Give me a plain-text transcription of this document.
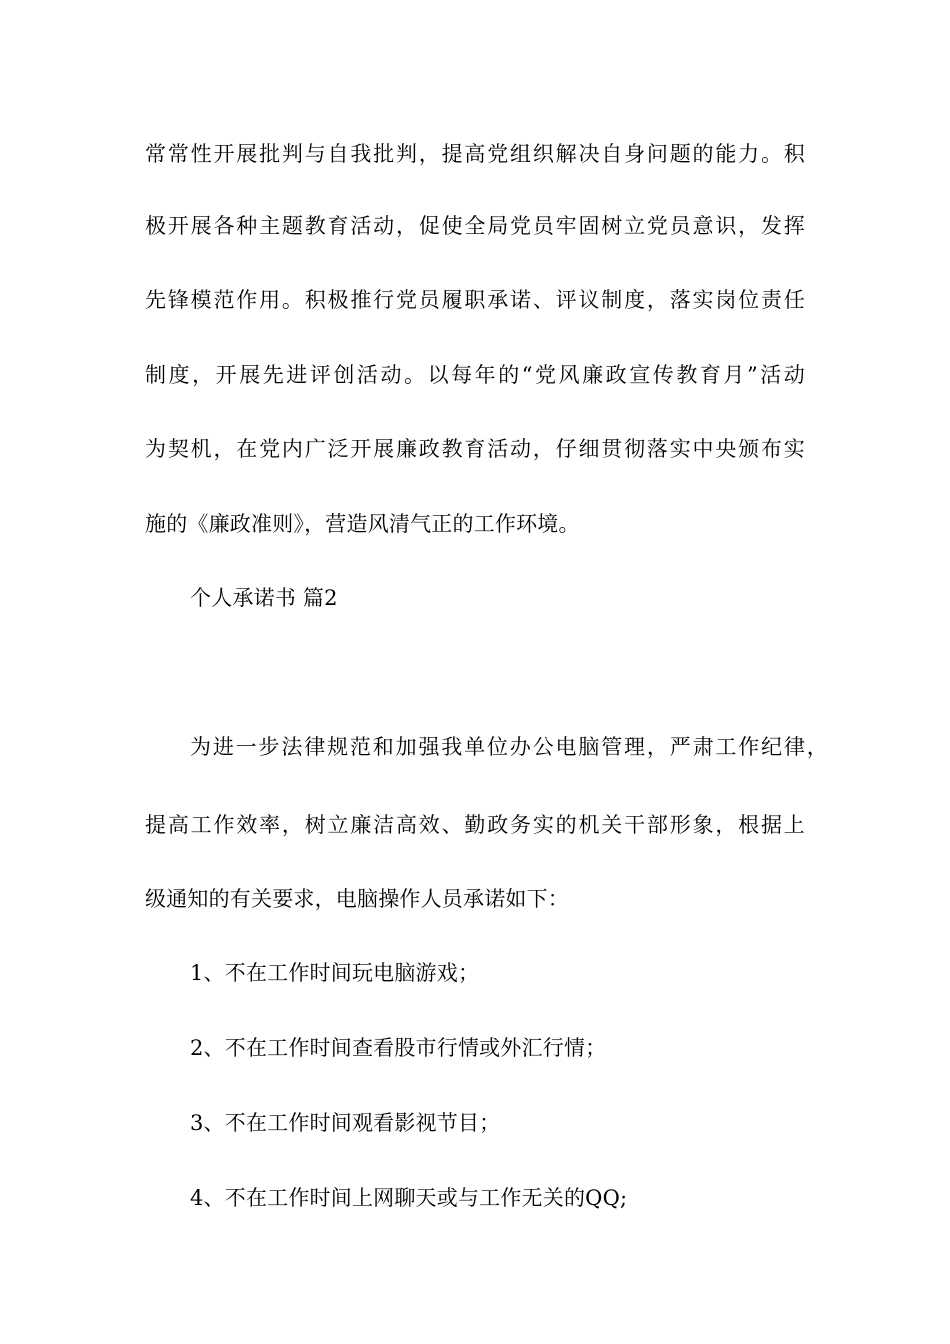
常常性开展批判与自我批判，提高党组织解决自身问题的能力。积
极开展各种主题教育活动，促使全局党员牢固树立党员意识，发挥
先锋模范作用。积极推行党员履职承诺、评议制度，落实岗位责任
制度，开展先进评创活动。以每年的“党风廉政宣传教育月”活动
为契机，在党内广泛开展廉政教育活动，仔细贯彻落实中央颁布实
施的《廉政准则》，营造风清气正的工作环境。
个人承诺书 篇2
为进一步法律规范和加强我单位办公电脑管理，严肃工作纪律，
提高工作效率，树立廉洁高效、勤政务实的机关干部形象，根据上
级通知的有关要求，电脑操作人员承诺如下：
1、不在工作时间玩电脑游戏；
2、不在工作时间查看股市行情或外汇行情；
3、不在工作时间观看影视节目；
4、不在工作时间上网聊天或与工作无关的QQ;
